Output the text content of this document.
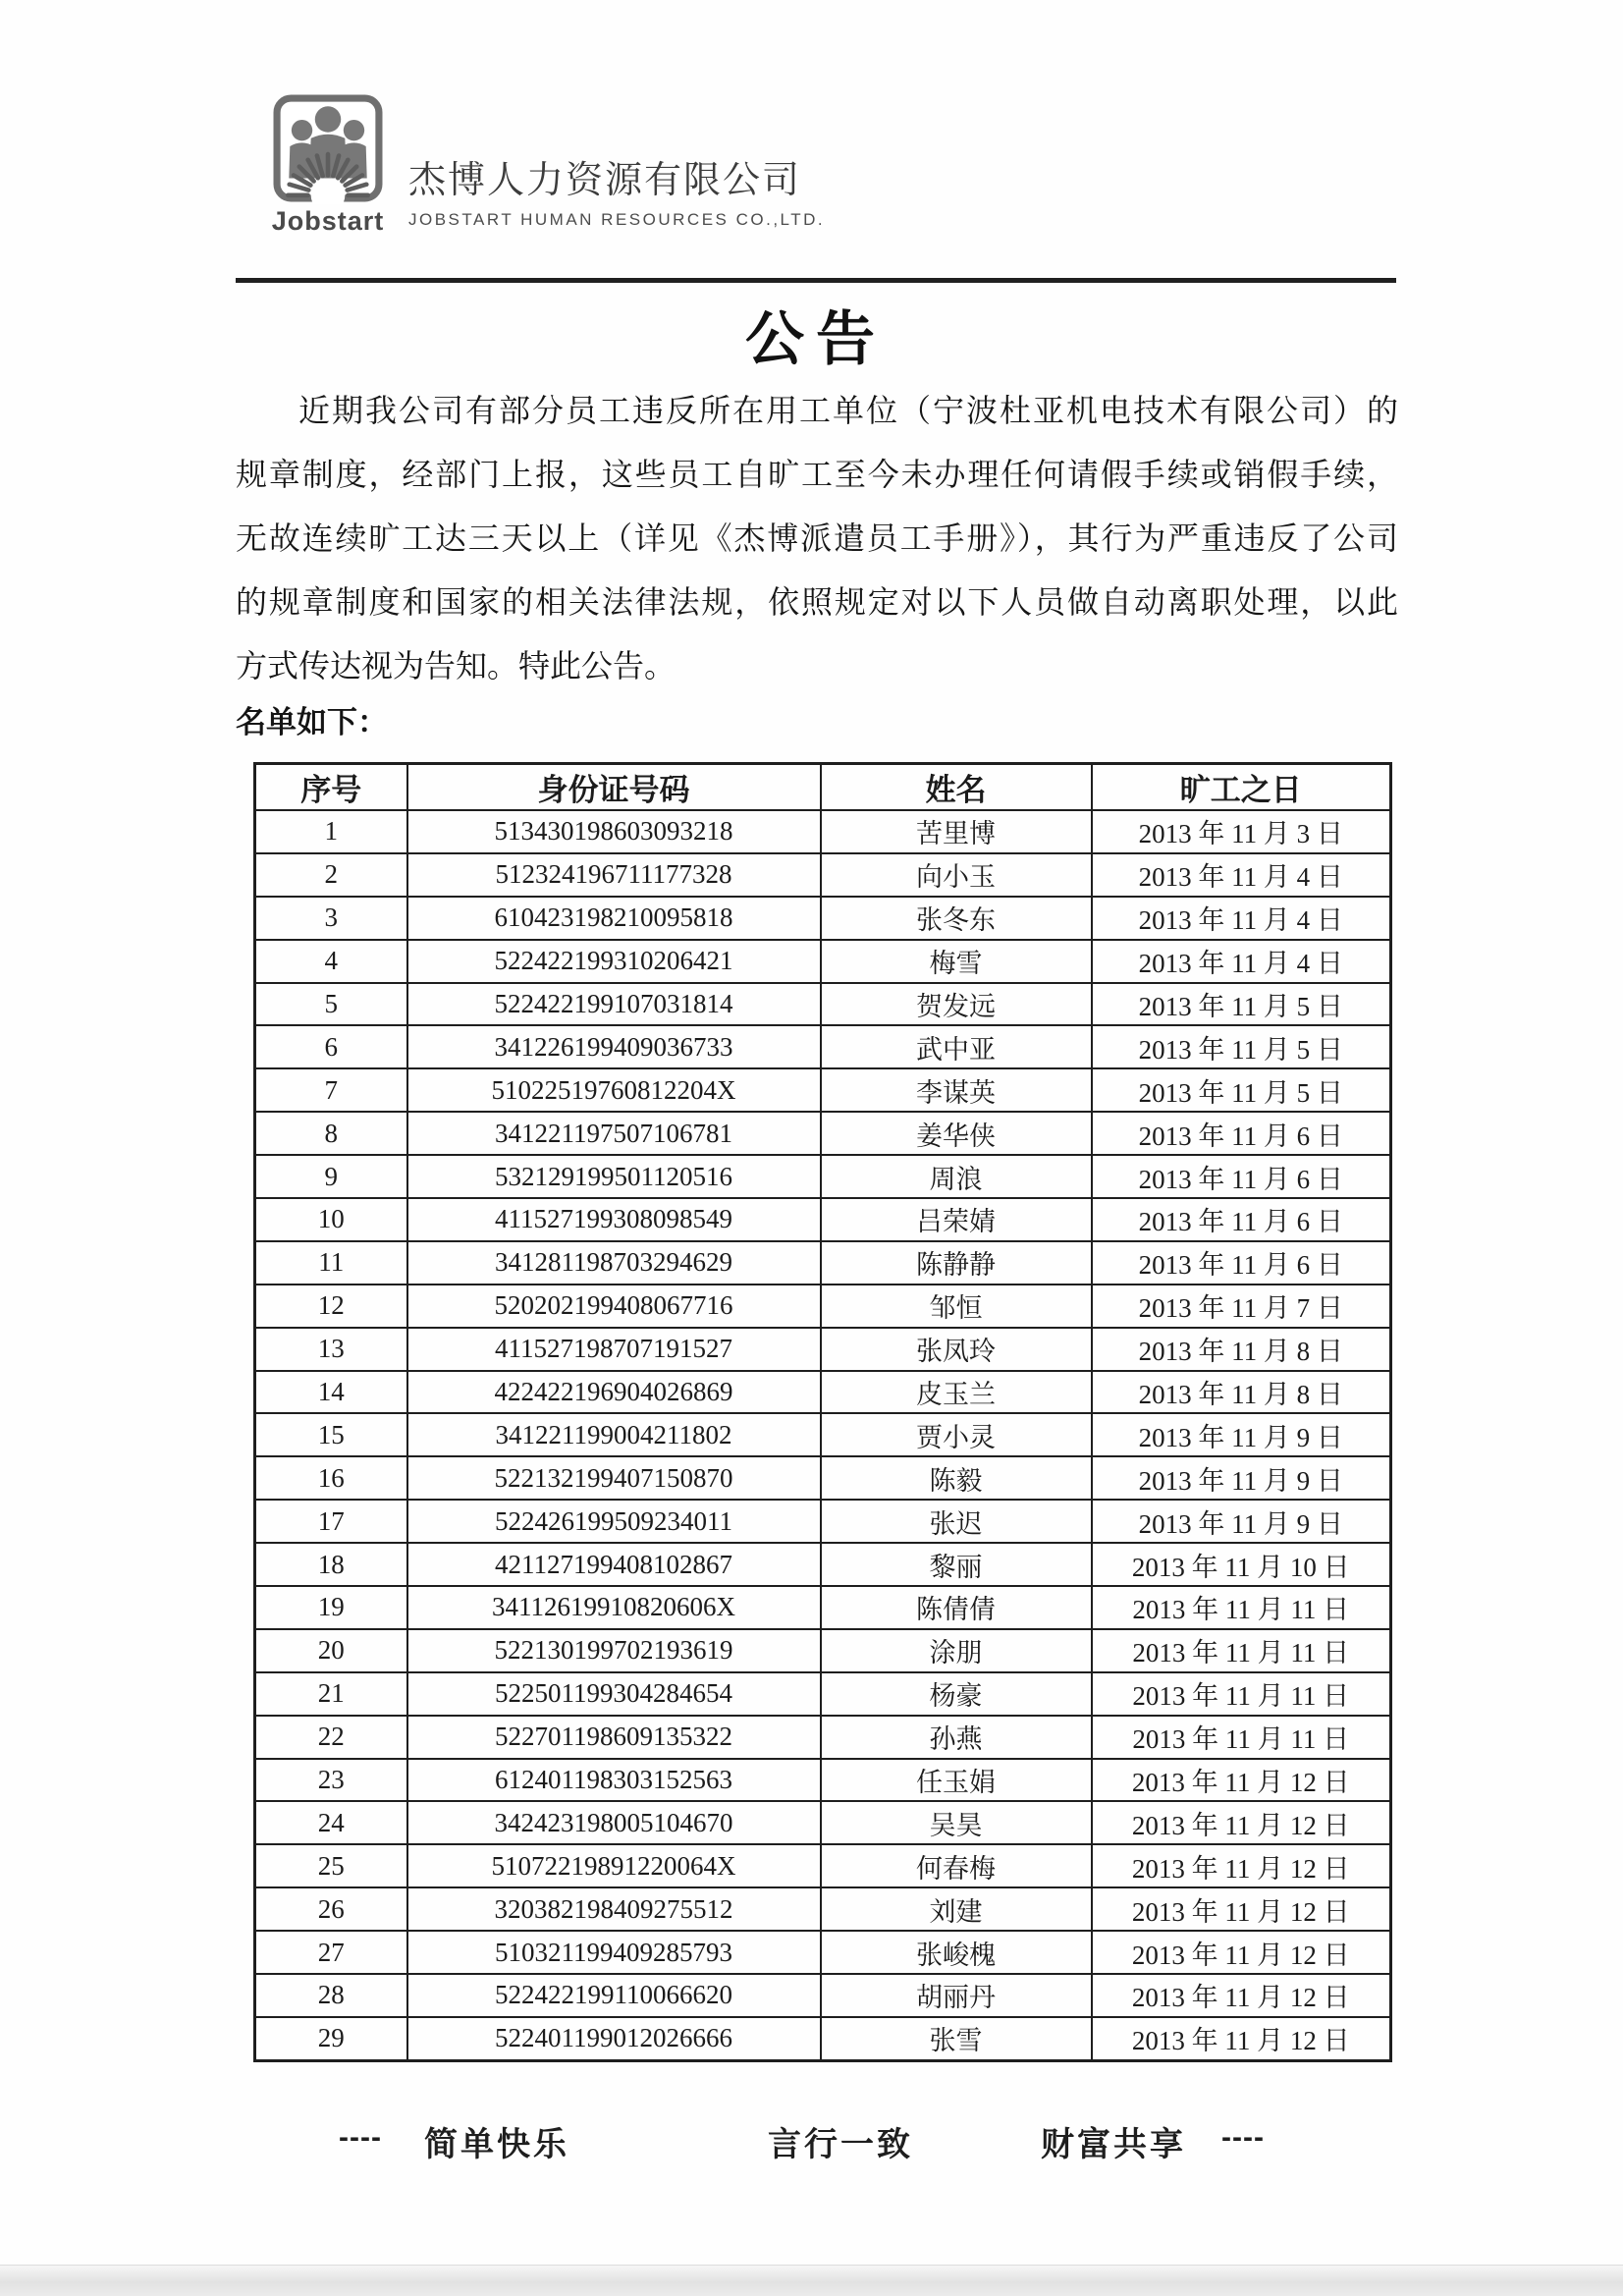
Jobstart
杰博人力资源有限公司
JOBSTART HUMAN RESOURCES CO.,LTD.
公告
近期我公司有部分员工违反所在用工单位（宁波杜亚机电技术有限公司）的
规章制度，经部门上报，这些员工自旷工至今未办理任何请假手续或销假手续，
无故连续旷工达三天以上（详见《杰博派遣员工手册》），其行为严重违反了公司
的规章制度和国家的相关法律法规，依照规定对以下人员做自动离职处理，以此
方式传达视为告知。特此公告。
名单如下：
序号	身份证号码	姓名	旷工之日
1	513430198603093218	苦里博	2013 年 11 月 3 日
2	512324196711177328	向小玉	2013 年 11 月 4 日
3	610423198210095818	张冬东	2013 年 11 月 4 日
4	522422199310206421	梅雪	2013 年 11 月 4 日
5	522422199107031814	贺发远	2013 年 11 月 5 日
6	341226199409036733	武中亚	2013 年 11 月 5 日
7	51022519760812204X	李谋英	2013 年 11 月 5 日
8	341221197507106781	姜华侠	2013 年 11 月 6 日
9	532129199501120516	周浪	2013 年 11 月 6 日
10	411527199308098549	吕荣婧	2013 年 11 月 6 日
11	341281198703294629	陈静静	2013 年 11 月 6 日
12	520202199408067716	邹恒	2013 年 11 月 7 日
13	411527198707191527	张凤玲	2013 年 11 月 8 日
14	422422196904026869	皮玉兰	2013 年 11 月 8 日
15	341221199004211802	贾小灵	2013 年 11 月 9 日
16	522132199407150870	陈毅	2013 年 11 月 9 日
17	522426199509234011	张迟	2013 年 11 月 9 日
18	421127199408102867	黎丽	2013 年 11 月 10 日
19	34112619910820606X	陈倩倩	2013 年 11 月 11 日
20	522130199702193619	涂朋	2013 年 11 月 11 日
21	522501199304284654	杨豪	2013 年 11 月 11 日
22	522701198609135322	孙燕	2013 年 11 月 11 日
23	612401198303152563	任玉娟	2013 年 11 月 12 日
24	342423198005104670	吴昊	2013 年 11 月 12 日
25	51072219891220064X	何春梅	2013 年 11 月 12 日
26	320382198409275512	刘建	2013 年 11 月 12 日
27	510321199409285793	张峻槐	2013 年 11 月 12 日
28	522422199110066620	胡丽丹	2013 年 11 月 12 日
29	522401199012026666	张雪	2013 年 11 月 12 日
---- 简单快乐	言行一致	财富共享 ----
